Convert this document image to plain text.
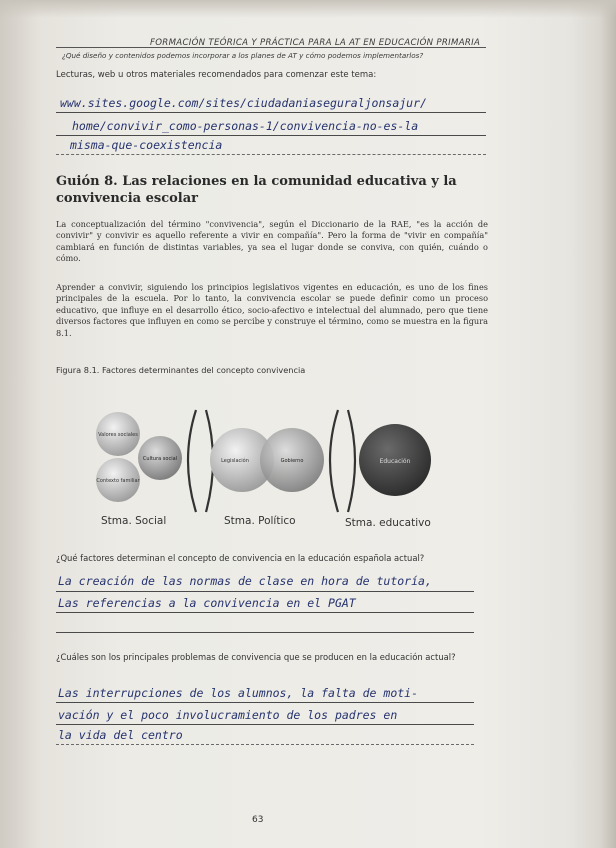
FORMACIÓN TEÓRICA Y PRÁCTICA PARA LA AT EN EDUCACIÓN PRIMARIA
¿Qué diseño y contenidos podemos incorporar a los planes de AT y cómo podemos implementarlos?
Lecturas, web u otros materiales recomendados para comenzar este tema:
www.sites.google.com/sites/ciudadaniaseguraljonsajur/
home/convivir_como-personas-1/convivencia-no-es-la
misma-que-coexistencia
Guión 8. Las relaciones en la comunidad educativa y la convivencia escolar
La conceptualización del término "convivencia", según el Diccionario de la RAE, "es la acción de convivir" y convivir es aquello referente a vivir en compañía". Pero la forma de "vivir en compañía" cambiará en función de distintas variables, ya sea el lugar donde se conviva, con quién, cuándo o cómo.
Aprender a convivir, siguiendo los principios legislativos vigentes en educación, es uno de los fines principales de la escuela. Por lo tanto, la convivencia escolar se puede definir como un proceso educativo, que influye en el desarrollo ético, socio-afectivo e intelectual del alumnado, pero que tiene diversos factores que influyen en como se percibe y construye el término, como se muestra en la figura 8.1.
Figura 8.1. Factores determinantes del concepto convivencia
Valores sociales
Cultura social
Contexto familiar
Legislación	Gobierno	Educación
Stma. Social	Stma. Político	Stma. educativo
¿Qué factores determinan el concepto de convivencia en la educación española actual?
La creación de las normas de clase en hora de tutoría,
Las referencias a la convivencia en el PGAT
¿Cuáles son los principales problemas de convivencia que se producen en la educación actual?
Las interrupciones de los alumnos, la falta de moti-
vación y el poco involucramiento de los padres en
la vida del centro
63
